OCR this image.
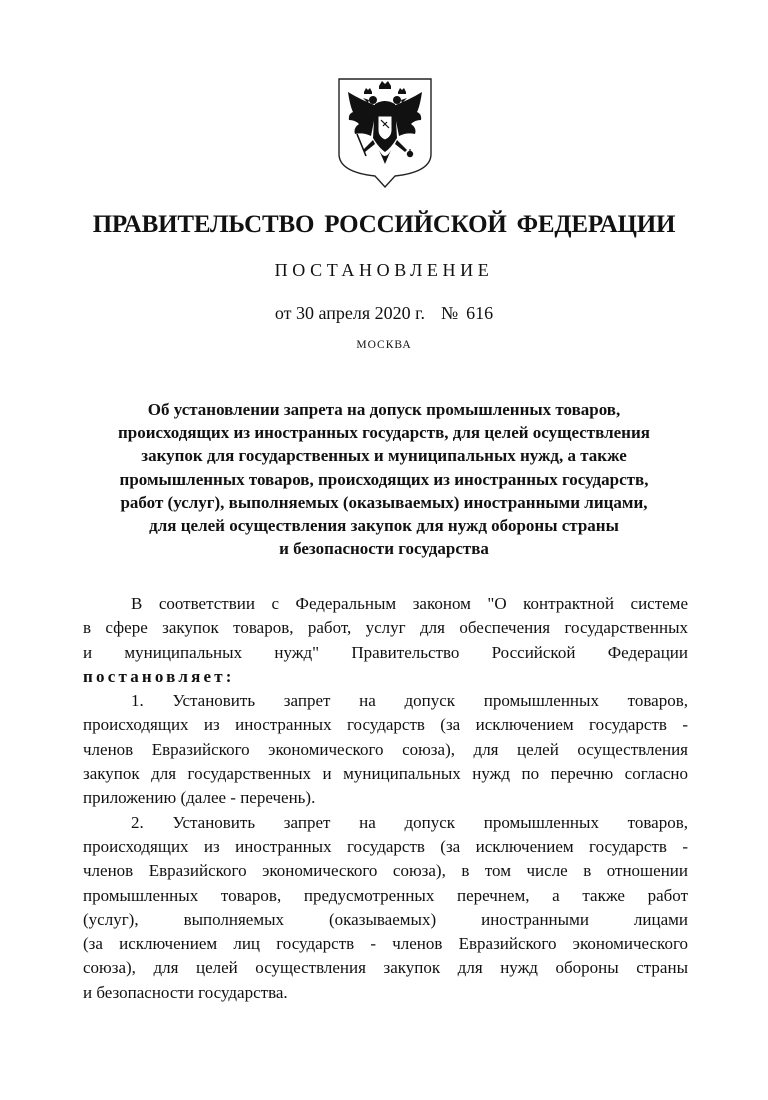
ПРАВИТЕЛЬСТВО РОССИЙСКОЙ ФЕДЕРАЦИИ
ПОСТАНОВЛЕНИЕ
от 30 апреля 2020 г. № 616
МОСКВА
Об установлении запрета на допуск промышленных товаров,
происходящих из иностранных государств, для целей осуществления
закупок для государственных и муниципальных нужд, а также
промышленных товаров, происходящих из иностранных государств,
работ (услуг), выполняемых (оказываемых) иностранными лицами,
для целей осуществления закупок для нужд обороны страны
и безопасности государства
В соответствии с Федеральным законом "О контрактной системе
в сфере закупок товаров, работ, услуг для обеспечения государственных
и муниципальных нужд" Правительство Российской Федерации
постановляет:
1. Установить запрет на допуск промышленных товаров,
происходящих из иностранных государств (за исключением государств -
членов Евразийского экономического союза), для целей осуществления
закупок для государственных и муниципальных нужд по перечню согласно
приложению (далее - перечень).
2. Установить запрет на допуск промышленных товаров,
происходящих из иностранных государств (за исключением государств -
членов Евразийского экономического союза), в том числе в отношении
промышленных товаров, предусмотренных перечнем, а также работ
(услуг), выполняемых (оказываемых) иностранными лицами
(за исключением лиц государств - членов Евразийского экономического
союза), для целей осуществления закупок для нужд обороны страны
и безопасности государства.
